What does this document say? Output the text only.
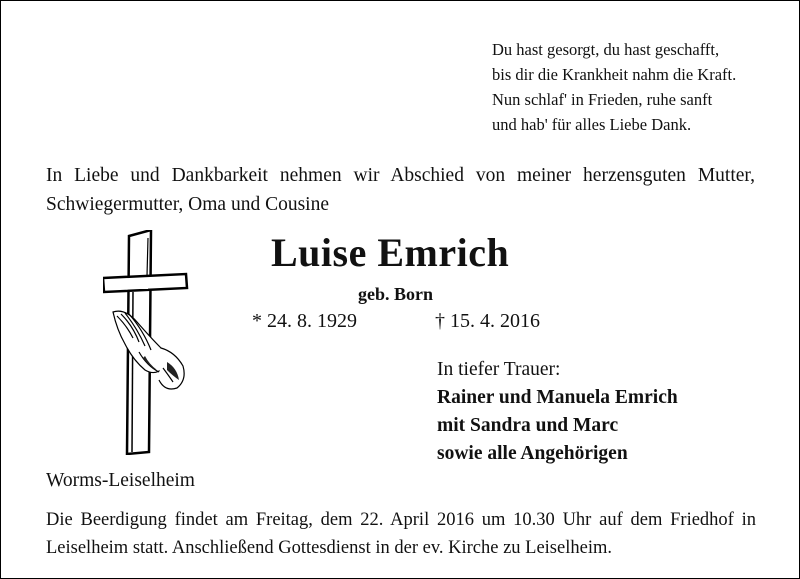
Du hast gesorgt, du hast geschafft,
bis dir die Krankheit nahm die Kraft.
Nun schlaf' in Frieden, ruhe sanft
und hab' für alles Liebe Dank.
In Liebe und Dankbarkeit nehmen wir Abschied von meiner herzensguten Mutter, Schwiegermutter, Oma und Cousine
Luise Emrich
geb. Born
* 24. 8. 1929	† 15. 4. 2016
In tiefer Trauer:
Rainer und Manuela Emrich
mit Sandra und Marc
sowie alle Angehörigen
Worms-Leiselheim
Die Beerdigung findet am Freitag, dem 22. April 2016 um 10.30 Uhr auf dem Friedhof in Leiselheim statt. Anschließend Gottesdienst in der ev. Kirche zu Leiselheim.
